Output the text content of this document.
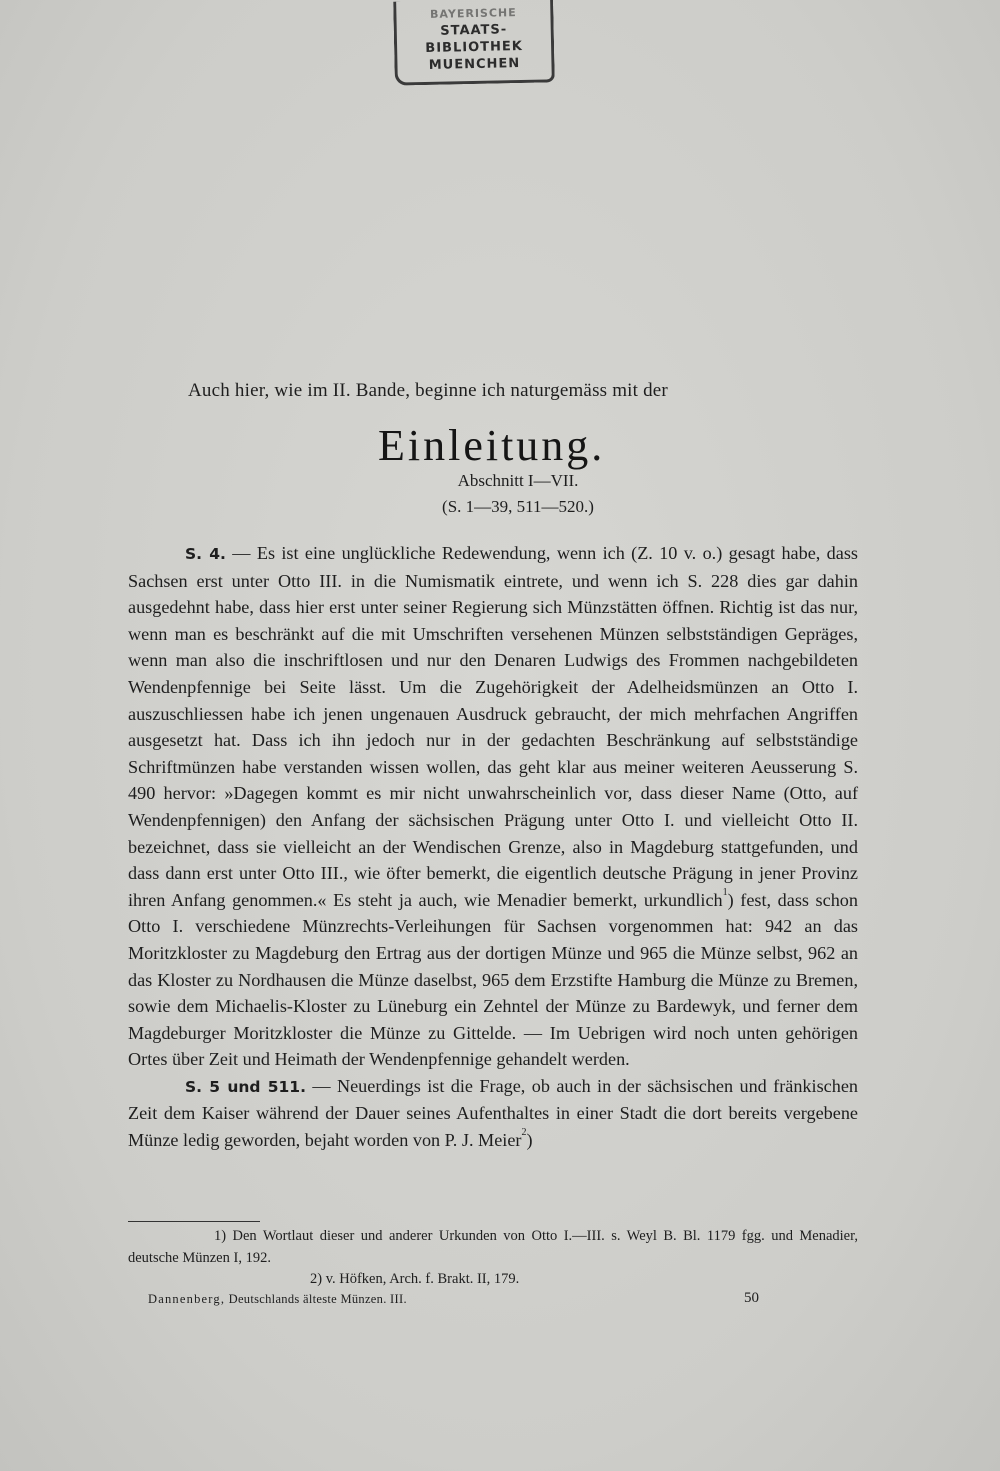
BAYERISCHE
STAATS-
BIBLIOTHEK
MUENCHEN
Auch hier, wie im II. Bande, beginne ich naturgemäss mit der
Einleitung.
Abschnitt I—VII.
(S. 1—39, 511—520.)

S. 4. — Es ist eine unglückliche Redewendung, wenn ich (Z. 10 v. o.) gesagt habe, dass Sachsen erst unter Otto III. in die Numismatik eintrete, und wenn ich S. 228 dies gar dahin ausgedehnt habe, dass hier erst unter seiner Regierung sich Münzstätten öffnen. Richtig ist das nur, wenn man es beschränkt auf die mit Umschriften versehenen Münzen selbstständigen Gepräges, wenn man also die inschriftlosen und nur den Denaren Ludwigs des Frommen nachgebildeten Wendenpfennige bei Seite lässt. Um die Zugehörigkeit der Adelheidsmünzen an Otto I. auszuschliessen habe ich jenen ungenauen Ausdruck gebraucht, der mich mehrfachen Angriffen ausgesetzt hat. Dass ich ihn jedoch nur in der gedachten Beschränkung auf selbstständige Schriftmünzen habe verstanden wissen wollen, das geht klar aus meiner weiteren Aeusserung S. 490 hervor: »Dagegen kommt es mir nicht unwahrscheinlich vor, dass dieser Name (Otto, auf Wendenpfennigen) den Anfang der sächsischen Prägung unter Otto I. und vielleicht Otto II. bezeichnet, dass sie vielleicht an der Wendischen Grenze, also in Magdeburg stattgefunden, und dass dann erst unter Otto III., wie öfter bemerkt, die eigentlich deutsche Prägung in jener Provinz ihren Anfang genommen.« Es steht ja auch, wie Menadier bemerkt, urkundlich$^1$) fest, dass schon Otto I. verschiedene Münzrechts-Verleihungen für Sachsen vorgenommen hat: 942 an das Moritzkloster zu Magdeburg den Ertrag aus der dortigen Münze und 965 die Münze selbst, 962 an das Kloster zu Nordhausen die Münze daselbst, 965 dem Erzstifte Hamburg die Münze zu Bremen, sowie dem Michaelis-Kloster zu Lüneburg ein Zehntel der Münze zu Bardewyk, und ferner dem Magdeburger Moritzkloster die Münze zu Gittelde. — Im Uebrigen wird noch unten gehörigen Ortes über Zeit und Heimath der Wendenpfennige gehandelt werden.

S. 5 und 511. — Neuerdings ist die Frage, ob auch in der sächsischen und fränkischen Zeit dem Kaiser während der Dauer seines Aufenthaltes in einer Stadt die dort bereits vergebene Münze ledig geworden, bejaht worden von P. J. Meier$^2$)

1) Den Wortlaut dieser und anderer Urkunden von Otto I.—III. s. Weyl B. Bl. 1179 fgg. und Menadier, deutsche Münzen I, 192.

2) v. Höfken, Arch. f. Brakt. II, 179.

Dannenberg, Deutschlands älteste Münzen. III.	50
